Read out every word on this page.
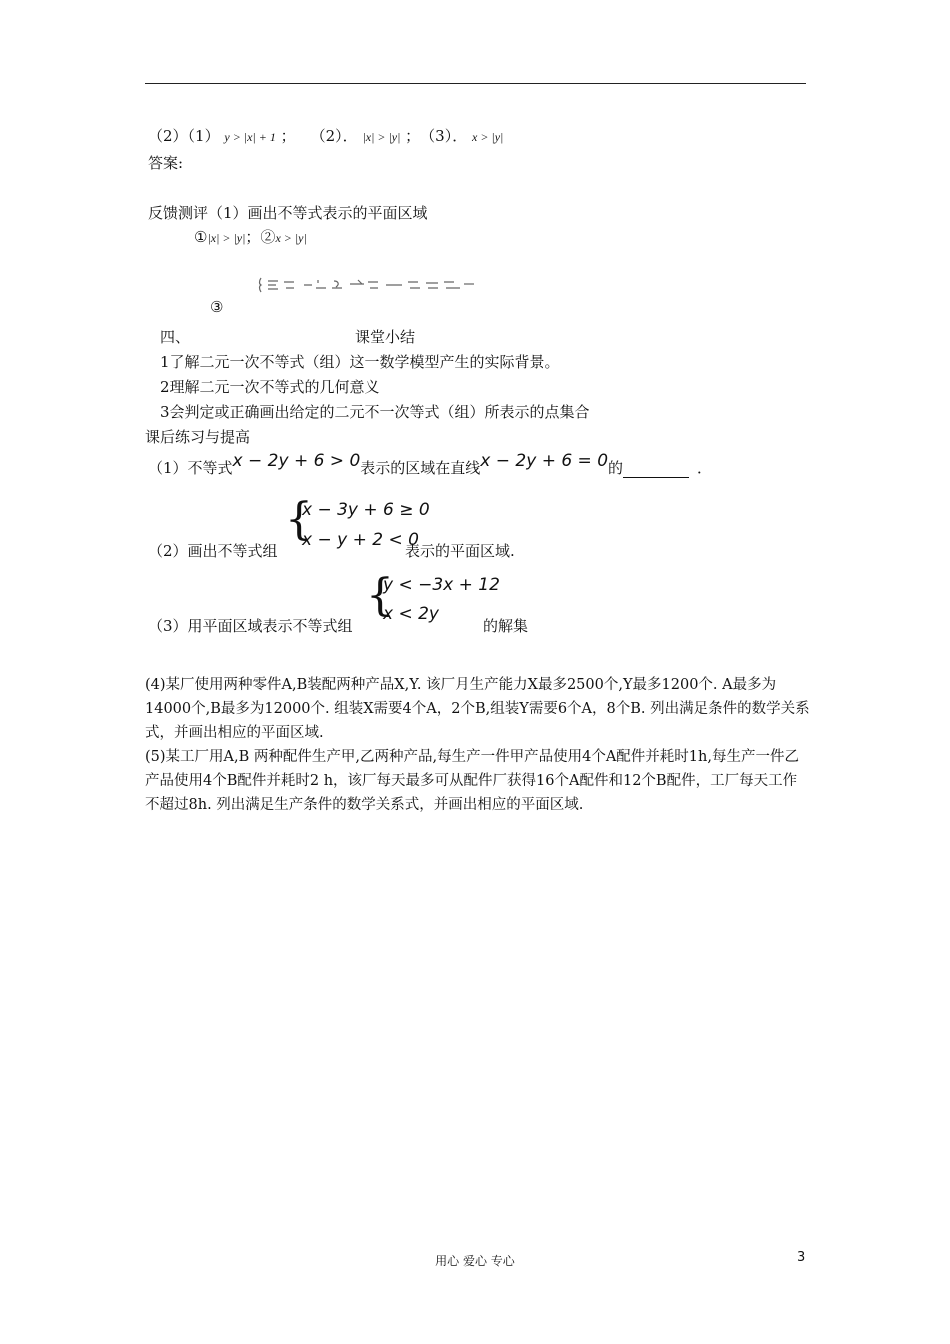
（2）（1） y > |x| + 1 ；　　（2）． |x| > |y| ；　（3）． x > |y|
答案:
反馈测评（1）画出不等式表示的平面区域
①|x| > |y|；②x > |y|
③
四、	课堂小结
1了解二元一次不等式（组）这一数学模型产生的实际背景。
2理解二元一次不等式的几何意义
3会判定或正确画出给定的二元不一次等式（组）所表示的点集合
课后练习与提高
（1）不等式x − 2y + 6 > 0表示的区域在直线x − 2y + 6 = 0的	．
{
x − 3y + 6 ≥ 0
x − y + 2 < 0
（2）画出不等式组	表示的平面区域.
{
y < −3x + 12
x < 2y
（3）用平面区域表示不等式组	的解集
(4)某厂使用两种零件A,B装配两种产品X,Y. 该厂月生产能力X最多2500个,Y最多1200个. A最多为14000个,B最多为12000个. 组装X需要4个A，2个B,组装Y需要6个A，8个B. 列出满足条件的数学关系式，并画出相应的平面区域.
(5)某工厂用A,B 两种配件生产甲,乙两种产品,每生产一件甲产品使用4个A配件并耗时1h,每生产一件乙产品使用4个B配件并耗时2 h，该厂每天最多可从配件厂获得16个A配件和12个B配件，工厂每天工作不超过8h. 列出满足生产条件的数学关系式，并画出相应的平面区域.
用心 爱心 专心	3
